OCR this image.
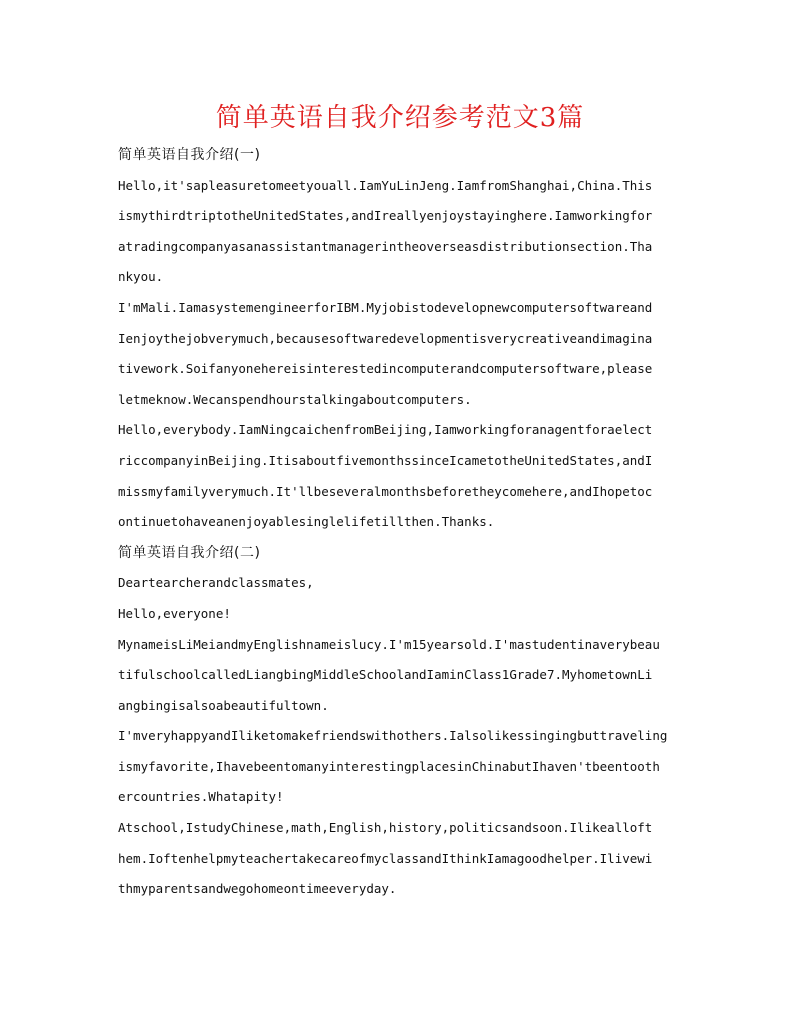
简单英语自我介绍参考范文3篇
简单英语自我介绍(一)
Hello,it'sapleasuretomeetyouall.IamYuLinJeng.IamfromShanghai,China.This
ismythirdtriptotheUnitedStates,andIreallyenjoystayinghere.Iamworkingfor
atradingcompanyasanassistantmanagerintheoverseasdistributionsection.Tha
nkyou.
I'mMali.IamasystemengineerforIBM.Myjobistodevelopnewcomputersoftwareand
Ienjoythejobverymuch,becausesoftwaredevelopmentisverycreativeandimagina
tivework.Soifanyonehereisinterestedincomputerandcomputersoftware,please
letmeknow.Wecanspendhourstalkingaboutcomputers.
Hello,everybody.IamNingcaichenfromBeijing,Iamworkingforanagentforaelect
riccompanyinBeijing.ItisaboutfivemonthssinceIcametotheUnitedStates,andI
missmyfamilyverymuch.It'llbeseveralmonthsbeforetheycomehere,andIhopetoc
ontinuetohaveanenjoyablesinglelifetillthen.Thanks.
简单英语自我介绍(二)
Deartearcherandclassmates,
Hello,everyone!
MynameisLiMeiandmyEnglishnameislucy.I'm15yearsold.I'mastudentinaverybeau
tifulschoolcalledLiangbingMiddleSchoolandIaminClass1Grade7.MyhometownLi
angbingisalsoabeautifultown.
I'mveryhappyandIliketomakefriendswithothers.Ialsolikessingingbuttraveling
ismyfavorite,IhavebeentomanyinterestingplacesinChinabutIhaven'tbeentooth
ercountries.Whatapity!
Atschool,IstudyChinese,math,English,history,politicsandsoon.Ilikealloft
hem.IoftenhelpmyteachertakecareofmyclassandIthinkIamagoodhelper.Ilivewi
thmyparentsandwegohomeontimeeveryday.
